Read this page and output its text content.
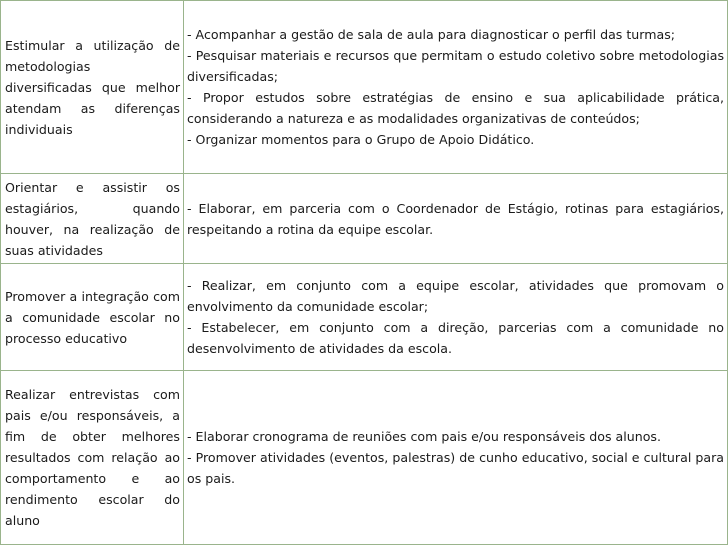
Estimular a utilização de metodologias diversificadas que melhor atendam as diferenças individuais	- Acompanhar a gestão de sala de aula para diagnosticar o perfil das turmas;
- Pesquisar materiais e recursos que permitam o estudo coletivo sobre metodologias diversificadas;
- Propor estudos sobre estratégias de ensino e sua aplicabilidade prática, considerando a natureza e as modalidades organizativas de conteúdos;
- Organizar momentos para o Grupo de Apoio Didático.

Orientar e assistir os estagiários, quando houver, na realização de suas atividades	- Elaborar, em parceria com o Coordenador de Estágio, rotinas para estagiários, respeitando a rotina da equipe escolar.

Promover a integração com a comunidade escolar no processo educativo	- Realizar, em conjunto com a equipe escolar, atividades que promovam o envolvimento da comunidade escolar;
- Estabelecer, em conjunto com a direção, parcerias com a comunidade no desenvolvimento de atividades da escola.

Realizar entrevistas com pais e/ou responsáveis, a fim de obter melhores resultados com relação ao comportamento e ao rendimento escolar do aluno	- Elaborar cronograma de reuniões com pais e/ou responsáveis dos alunos.
- Promover atividades (eventos, palestras) de cunho educativo, social e cultural para os pais.
